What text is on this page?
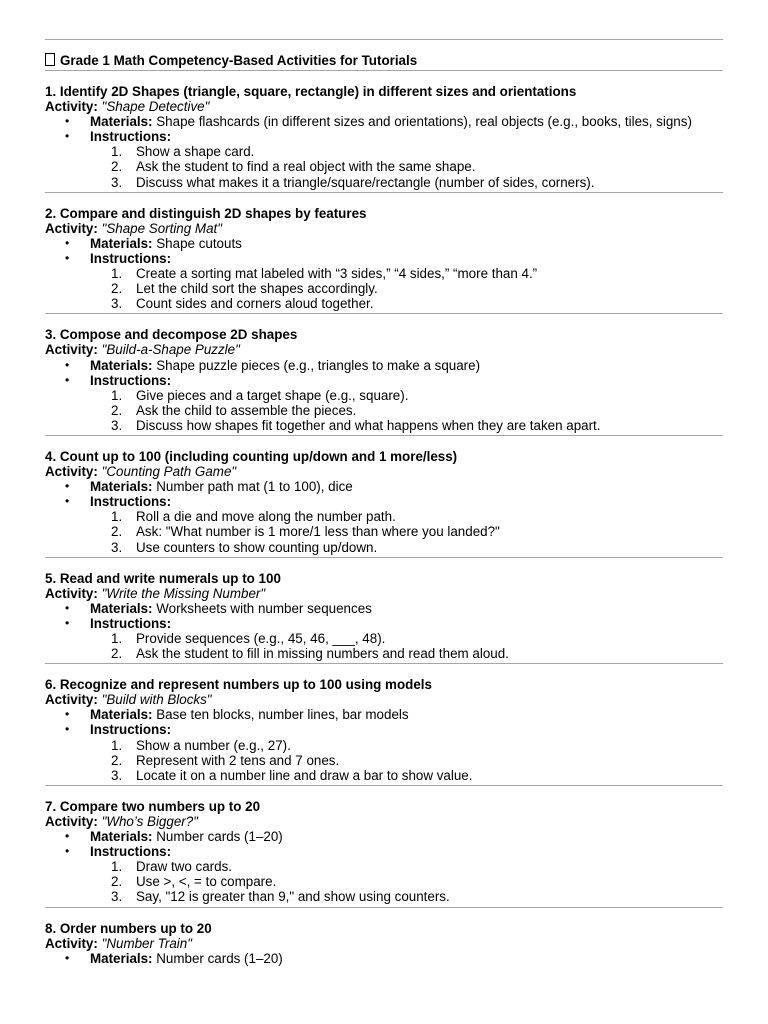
Grade 1 Math Competency-Based Activities for Tutorials

1. Identify 2D Shapes (triangle, square, rectangle) in different sizes and orientations

Activity: "Shape Detective"

• Materials: Shape flashcards (in different sizes and orientations), real objects (e.g., books, tiles, signs)
• Instructions:
1. Show a shape card.
2. Ask the student to find a real object with the same shape.
3. Discuss what makes it a triangle/square/rectangle (number of sides, corners).

2. Compare and distinguish 2D shapes by features

Activity: "Shape Sorting Mat"

• Materials: Shape cutouts
• Instructions:
1. Create a sorting mat labeled with “3 sides,” “4 sides,” “more than 4.”
2. Let the child sort the shapes accordingly.
3. Count sides and corners aloud together.

3. Compose and decompose 2D shapes

Activity: "Build-a-Shape Puzzle"

• Materials: Shape puzzle pieces (e.g., triangles to make a square)
• Instructions:
1. Give pieces and a target shape (e.g., square).
2. Ask the child to assemble the pieces.
3. Discuss how shapes fit together and what happens when they are taken apart.

4. Count up to 100 (including counting up/down and 1 more/less)

Activity: "Counting Path Game"

• Materials: Number path mat (1 to 100), dice
• Instructions:
1. Roll a die and move along the number path.
2. Ask: "What number is 1 more/1 less than where you landed?"
3. Use counters to show counting up/down.

5. Read and write numerals up to 100

Activity: "Write the Missing Number"

• Materials: Worksheets with number sequences
• Instructions:
1. Provide sequences (e.g., 45, 46, ___, 48).
2. Ask the student to fill in missing numbers and read them aloud.

6. Recognize and represent numbers up to 100 using models

Activity: "Build with Blocks"

• Materials: Base ten blocks, number lines, bar models
• Instructions:
1. Show a number (e.g., 27).
2. Represent with 2 tens and 7 ones.
3. Locate it on a number line and draw a bar to show value.

7. Compare two numbers up to 20

Activity: "Who’s Bigger?"

• Materials: Number cards (1–20)
• Instructions:
1. Draw two cards.
2. Use >, <, = to compare.
3. Say, "12 is greater than 9," and show using counters.

8. Order numbers up to 20

Activity: "Number Train"

• Materials: Number cards (1–20)
